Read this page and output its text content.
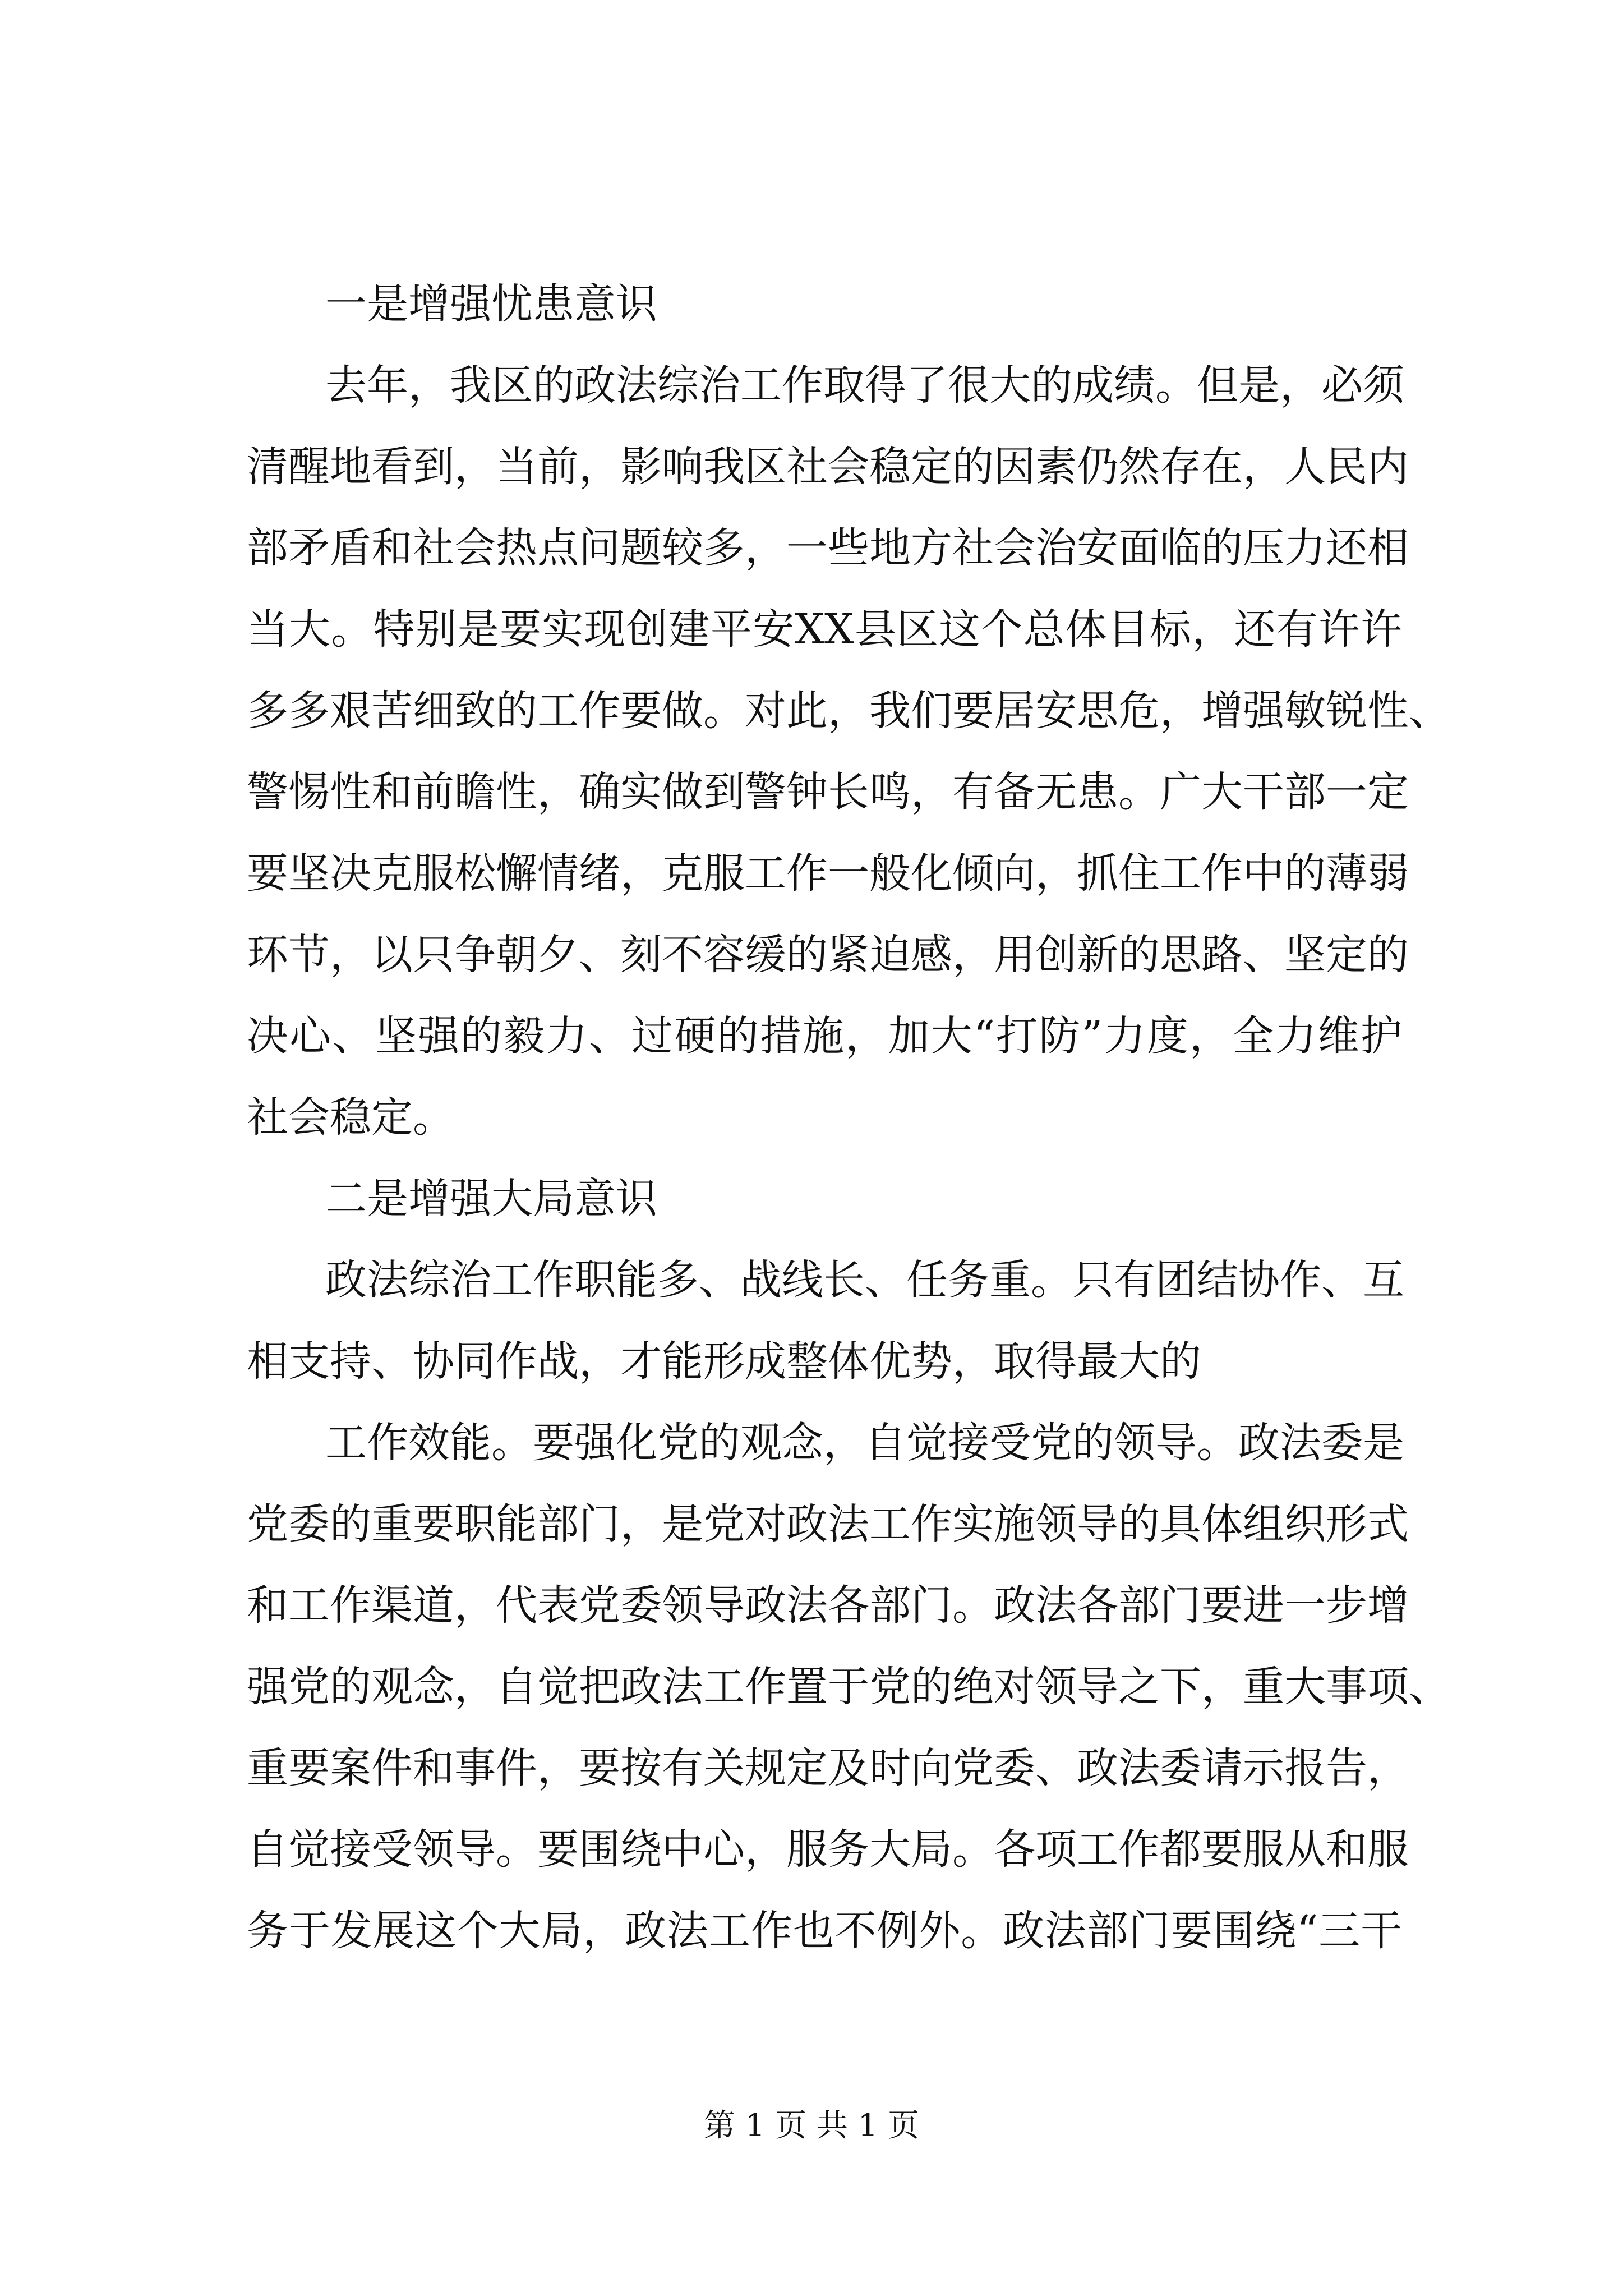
一是增强忧患意识

去年，我区的政法综治工作取得了很大的成绩。但是，必须

清醒地看到，当前，影响我区社会稳定的因素仍然存在，人民内

部矛盾和社会热点问题较多，一些地方社会治安面临的压力还相

当大。特别是要实现创建平安XX县区这个总体目标，还有许许

多多艰苦细致的工作要做。对此，我们要居安思危，增强敏锐性、

警惕性和前瞻性，确实做到警钟长鸣，有备无患。广大干部一定

要坚决克服松懈情绪，克服工作一般化倾向，抓住工作中的薄弱

环节，以只争朝夕、刻不容缓的紧迫感，用创新的思路、坚定的

决心、坚强的毅力、过硬的措施，加大“打防”力度，全力维护

社会稳定。

二是增强大局意识

政法综治工作职能多、战线长、任务重。只有团结协作、互

相支持、协同作战，才能形成整体优势，取得最大的

工作效能。要强化党的观念，自觉接受党的领导。政法委是

党委的重要职能部门，是党对政法工作实施领导的具体组织形式

和工作渠道，代表党委领导政法各部门。政法各部门要进一步增

强党的观念，自觉把政法工作置于党的绝对领导之下，重大事项、

重要案件和事件，要按有关规定及时向党委、政法委请示报告，

自觉接受领导。要围绕中心，服务大局。各项工作都要服从和服

务于发展这个大局，政法工作也不例外。政法部门要围绕“三干

第 1 页 共 1 页
